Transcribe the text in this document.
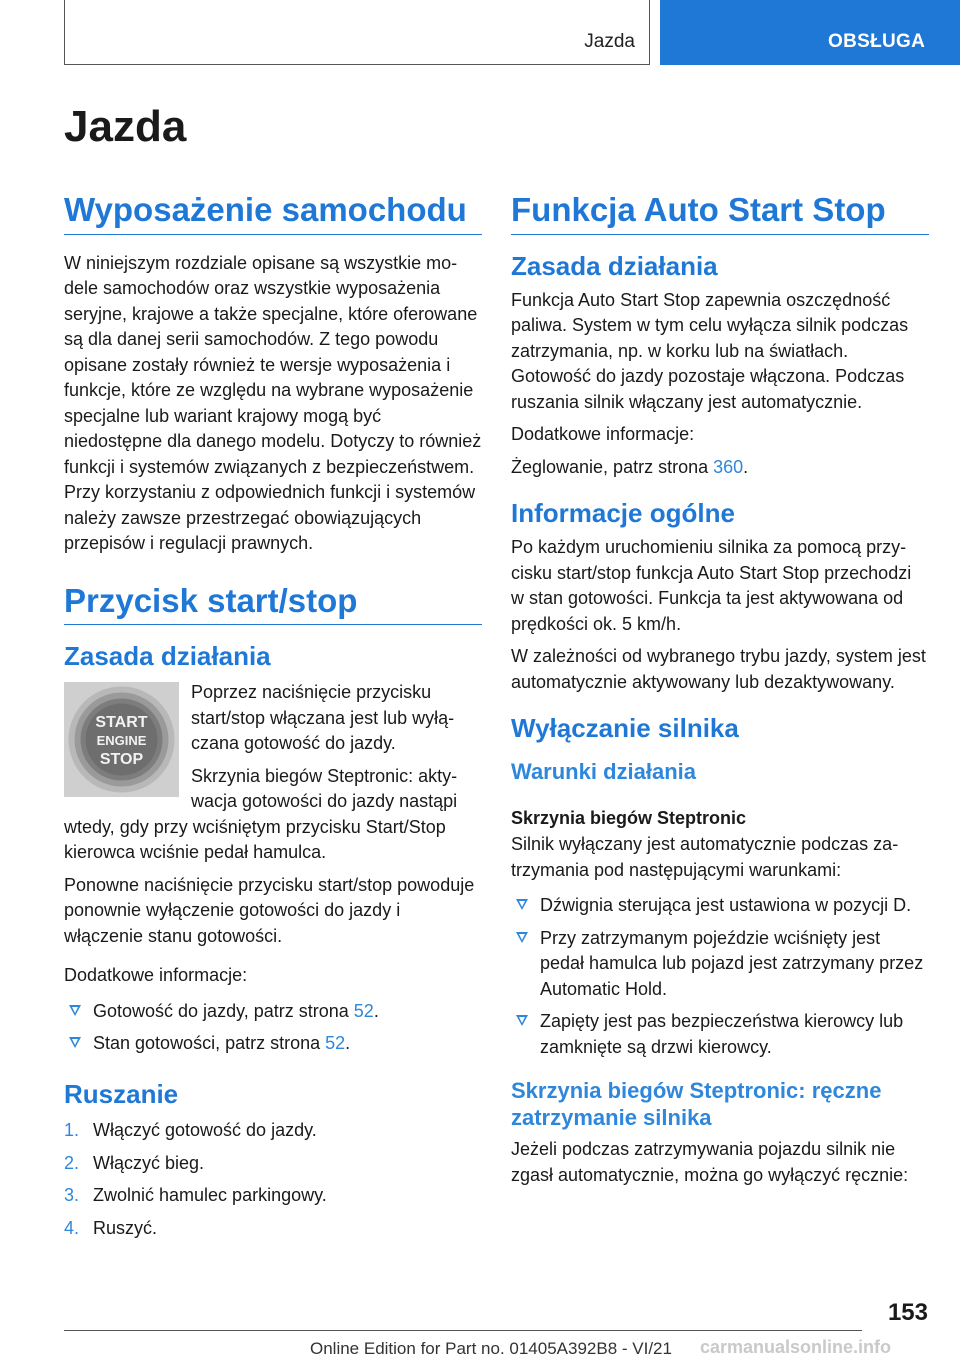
Jazda	OBSŁUGA
Jazda
Wyposażenie samochodu

W niniejszym rozdziale opisane są wszystkie modele samochodów oraz wszystkie wyposażenia seryjne, krajowe a także specjalne, które oferowane są dla danej serii samochodów. Z tego powodu opisane zostały również te wersje wyposażenia i funkcje, które ze względu na wybrane wyposażenie specjalne lub wariant krajowy mogą być niedostępne dla danego modelu. Dotyczy to również funkcji i systemów związanych z bezpieczeństwem. Przy korzystaniu z odpowiednich funkcji i systemów należy zawsze przestrzegać obowiązujących przepisów i regulacji prawnych.

Przycisk start/stop
Zasada działania
START
ENGINE
STOP

Poprzez naciśnięcie przycisku start/stop włączana jest lub wyłączana gotowość do jazdy.

Skrzynia biegów Steptronic: aktywacja gotowości do jazdy nastąpi wtedy, gdy przy wciśniętym przycisku Start/Stop kierowca wciśnie pedał hamulca.

Ponowne naciśnięcie przycisku start/stop powoduje ponownie wyłączenie gotowości do jazdy i włączenie stanu gotowości.

Dodatkowe informacje:

Gotowość do jazdy, patrz strona 52.
Stan gotowości, patrz strona 52.
Ruszanie
1. Włączyć gotowość do jazdy.
2. Włączyć bieg.
3. Zwolnić hamulec parkingowy.
4. Ruszyć.
Funkcja Auto Start Stop
Zasada działania

Funkcja Auto Start Stop zapewnia oszczędność paliwa. System w tym celu wyłącza silnik podczas zatrzymania, np. w korku lub na światłach. Gotowość do jazdy pozostaje włączona. Podczas ruszania silnik włączany jest automatycznie.

Dodatkowe informacje:

Żeglowanie, patrz strona 360.

Informacje ogólne

Po każdym uruchomieniu silnika za pomocą przycisku start/stop funkcja Auto Start Stop przechodzi w stan gotowości. Funkcja ta jest aktywowana od prędkości ok. 5 km/h.

W zależności od wybranego trybu jazdy, system jest automatycznie aktywowany lub dezaktywowany.

Wyłączanie silnika
Warunki działania
Skrzynia biegów Steptronic

Silnik wyłączany jest automatycznie podczas zatrzymania pod następującymi warunkami:

Dźwignia sterująca jest ustawiona w pozycji D.
Przy zatrzymanym pojeździe wciśnięty jest pedał hamulca lub pojazd jest zatrzymany przez Automatic Hold.
Zapięty jest pas bezpieczeństwa kierowcy lub zamknięte są drzwi kierowcy.
Skrzynia biegów Steptronic: ręczne zatrzymanie silnika

Jeżeli podczas zatrzymywania pojazdu silnik nie zgasł automatycznie, można go wyłączyć ręcznie:

153
Online Edition for Part no. 01405A392B8 - VI/21 carmanualsonline.info
